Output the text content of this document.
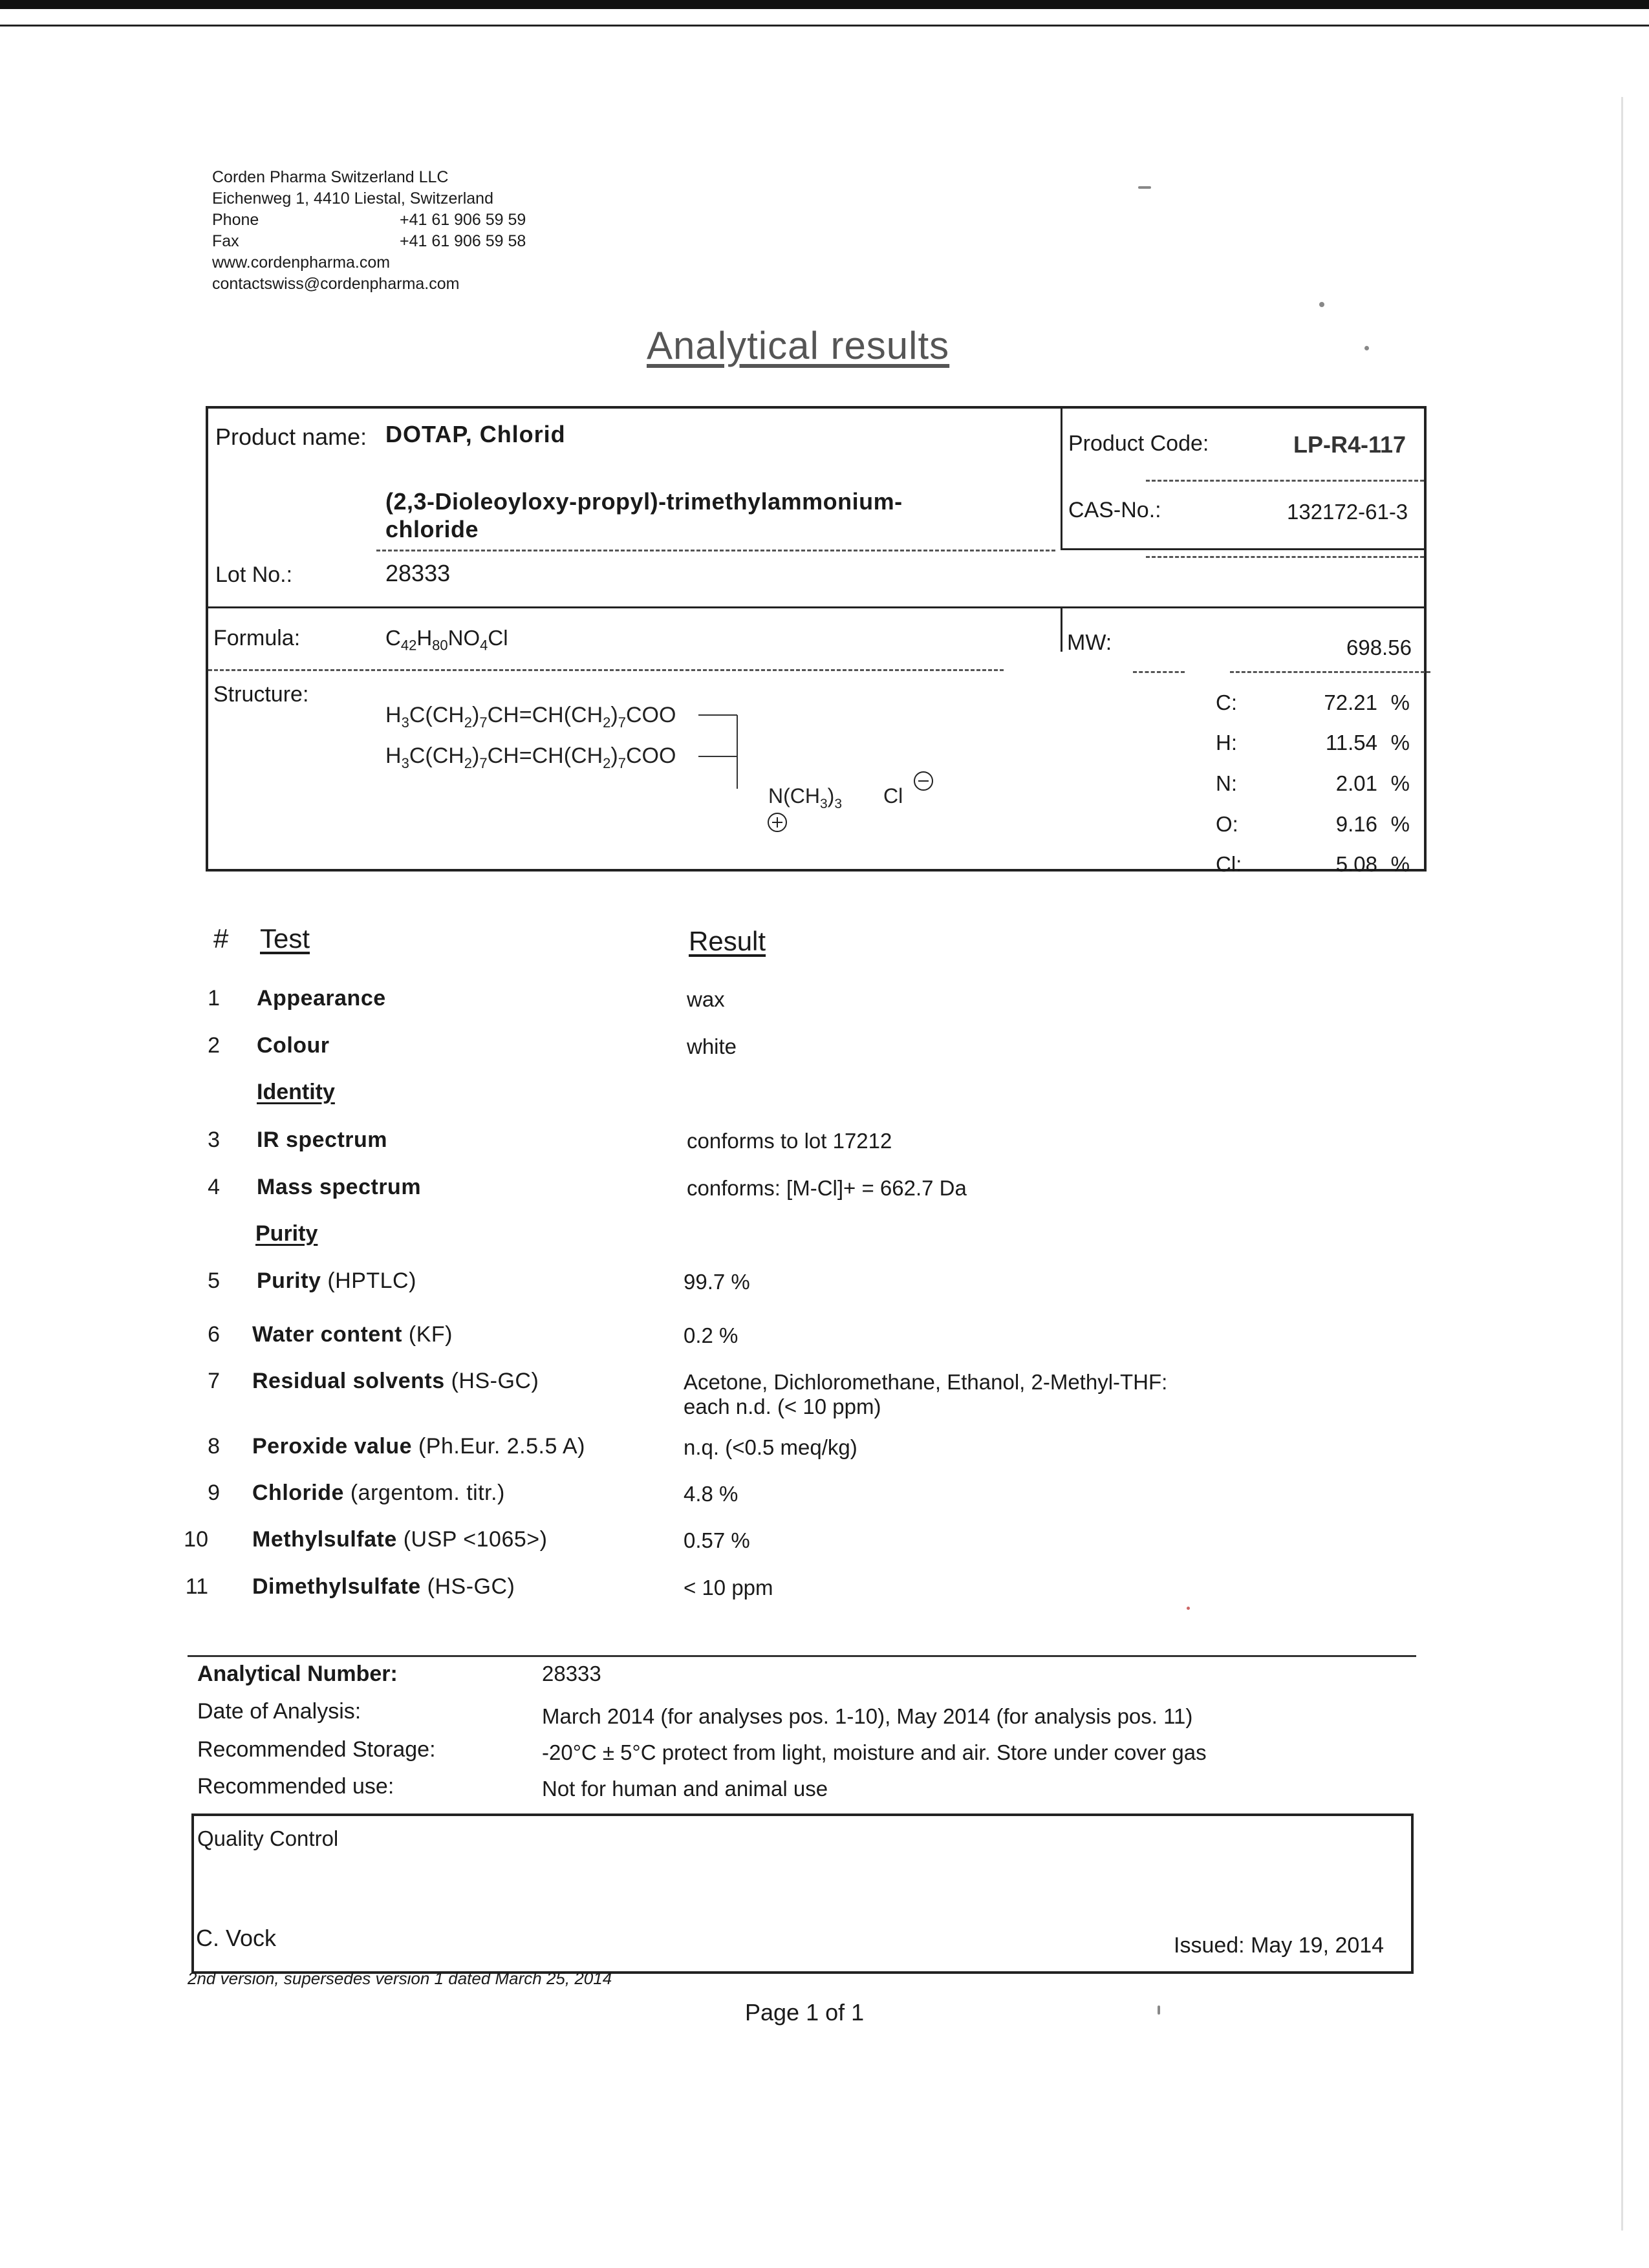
Corden Pharma Switzerland LLC
Eichenweg 1, 4410 Liestal, Switzerland
Phone	+41 61 906 59 59
Fax	+41 61 906 59 58
www.cordenpharma.com
contactswiss@cordenpharma.com
Analytical results
Product name: DOTAP, Chlorid
(2,3-Dioleoyloxy-propyl)-trimethylammonium-
chloride
Product Code:	LP-R4-117
CAS-No.:	132172-61-3
Lot No.:	28333
Formula:	$C_{42}H_{80}NO_4Cl$	MW:	698.56
Structure:
$H_3C(CH_2)_7CH=CH(CH_2)_7COO$
$H_3C(CH_2)_7CH=CH(CH_2)_7COO$
$N(CH_3)_3$ Cl
C:	72.21 %
H:	11.54 %
N:	2.01 %
O:	9.16 %
Cl:	5.08 %
# Test	Result
1 Appearance	wax
2 Colour	white
3 IR spectrum	conforms to lot 17212
4 Mass spectrum	conforms: [M-Cl]+ = 662.7 Da
5 Purity (HPTLC)	99.7 %
6 Water content (KF)	0.2 %
7 Residual solvents (HS-GC)	Acetone, Dichloromethane, Ethanol, 2-Methyl-THF:
each n.d. (< 10 ppm)
8 Peroxide value (Ph.Eur. 2.5.5 A)	n.q. (<0.5 meq/kg)
9 Chloride (argentom. titr.)	4.8 %
10 Methylsulfate (USP <1065>)	0.57 %
11 Dimethylsulfate (HS-GC)	< 10 ppm
Identity
Purity
Analytical Number:	28333
Date of Analysis:	March 2014 (for analyses pos. 1-10), May 2014 (for analysis pos. 11)
Recommended Storage:	-20°C ± 5°C protect from light, moisture and air. Store under cover gas
Recommended use:	Not for human and animal use
Quality Control
C. Vock	Issued: May 19, 2014
2nd version, supersedes version 1 dated March 25, 2014
Page 1 of 1
